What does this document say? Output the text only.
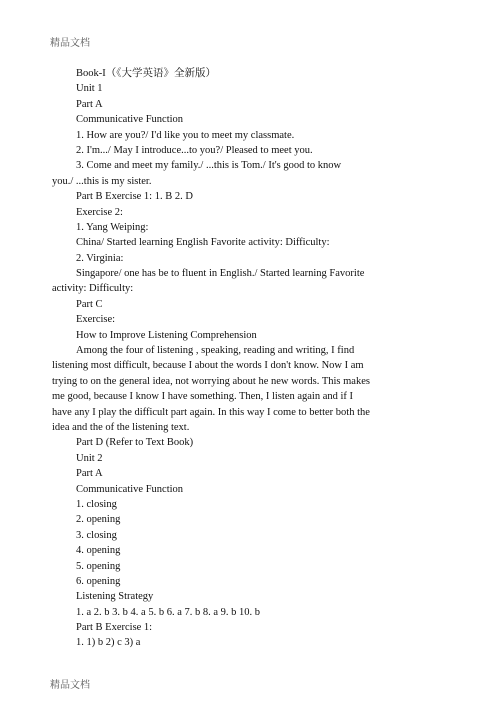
精品文档
Book-I（《大学英语》全新版）
Unit 1
Part A
Communicative Function
1. How are you?/ I'd like you to meet my classmate.
2. I'm.../ May I introduce...to you?/ Pleased to meet you.
3. Come and meet my family./ ...this is Tom./ It's good to know
you./ ...this is my sister.
Part B Exercise 1: 1. B 2. D
Exercise 2:
1. Yang Weiping:
China/ Started learning English Favorite activity: Difficulty:
2. Virginia:
Singapore/ one has be to fluent in English./ Started learning Favorite
activity: Difficulty:
Part C
Exercise:
How to Improve Listening Comprehension
Among the four of listening , speaking, reading and writing, I find
listening most difficult, because I about the words I don't know. Now I am
trying to on the general idea, not worrying about he new words. This makes
me good, because I know I have something. Then, I listen again and if I
have any I play the difficult part again. In this way I come to better both the
idea and the of the listening text.
Part D (Refer to Text Book)
Unit 2
Part A
Communicative Function
1. closing
2. opening
3. closing
4. opening
5. opening
6. opening
Listening Strategy
1. a 2. b 3. b 4. a 5. b 6. a 7. b 8. a 9. b 10. b
Part B Exercise 1:
1. 1) b 2) c 3) a
精品文档
